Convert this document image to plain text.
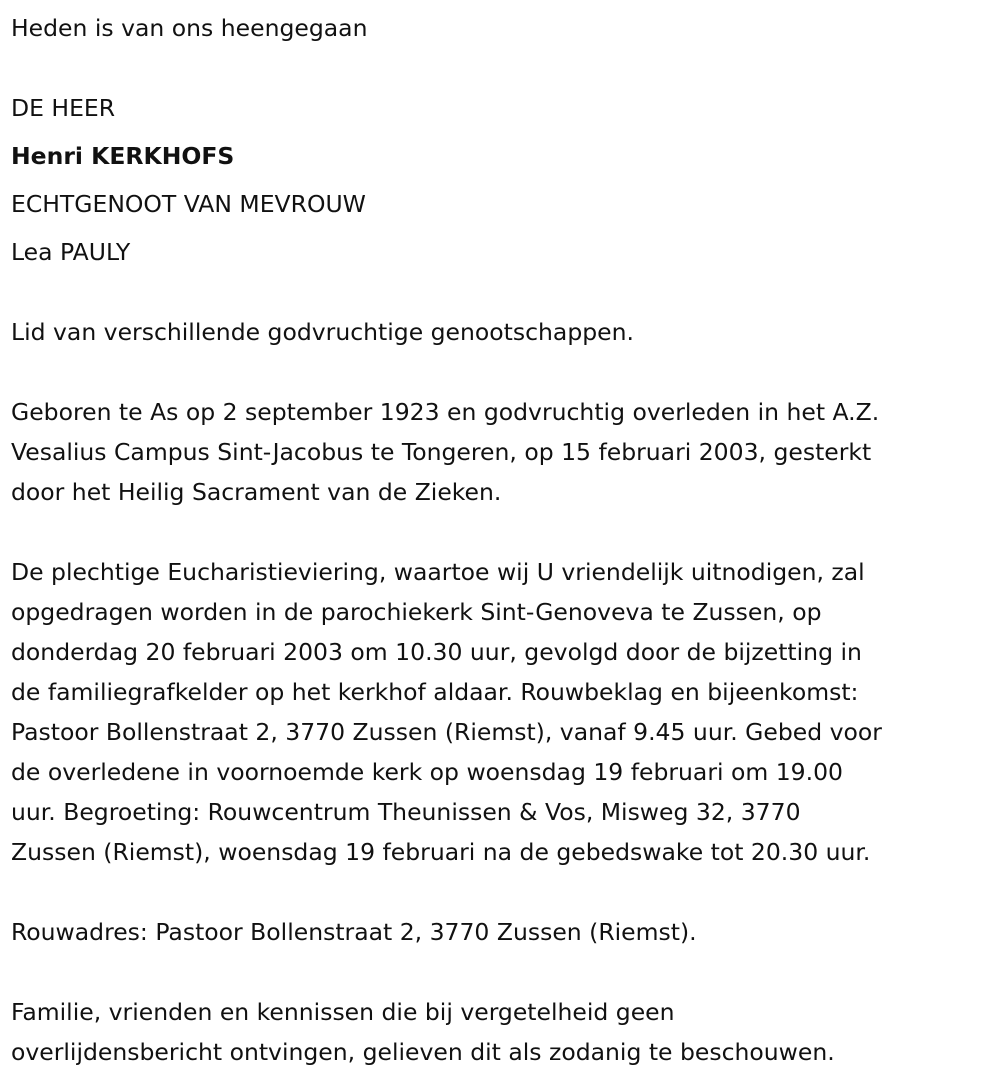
Heden is van ons heengegaan
DE HEER
Henri KERKHOFS
ECHTGENOOT VAN MEVROUW
Lea PAULY
Lid van verschillende godvruchtige genootschappen.
Geboren te As op 2 september 1923 en godvruchtig overleden in het A.Z.
Vesalius Campus Sint-Jacobus te Tongeren, op 15 februari 2003, gesterkt
door het Heilig Sacrament van de Zieken.
De plechtige Eucharistieviering, waartoe wij U vriendelijk uitnodigen, zal
opgedragen worden in de parochiekerk Sint-Genoveva te Zussen, op
donderdag 20 februari 2003 om 10.30 uur, gevolgd door de bijzetting in
de familiegrafkelder op het kerkhof aldaar. Rouwbeklag en bijeenkomst:
Pastoor Bollenstraat 2, 3770 Zussen (Riemst), vanaf 9.45 uur. Gebed voor
de overledene in voornoemde kerk op woensdag 19 februari om 19.00
uur. Begroeting: Rouwcentrum Theunissen & Vos, Misweg 32, 3770
Zussen (Riemst), woensdag 19 februari na de gebedswake tot 20.30 uur.
Rouwadres: Pastoor Bollenstraat 2, 3770 Zussen (Riemst).
Familie, vrienden en kennissen die bij vergetelheid geen
overlijdensbericht ontvingen, gelieven dit als zodanig te beschouwen.
